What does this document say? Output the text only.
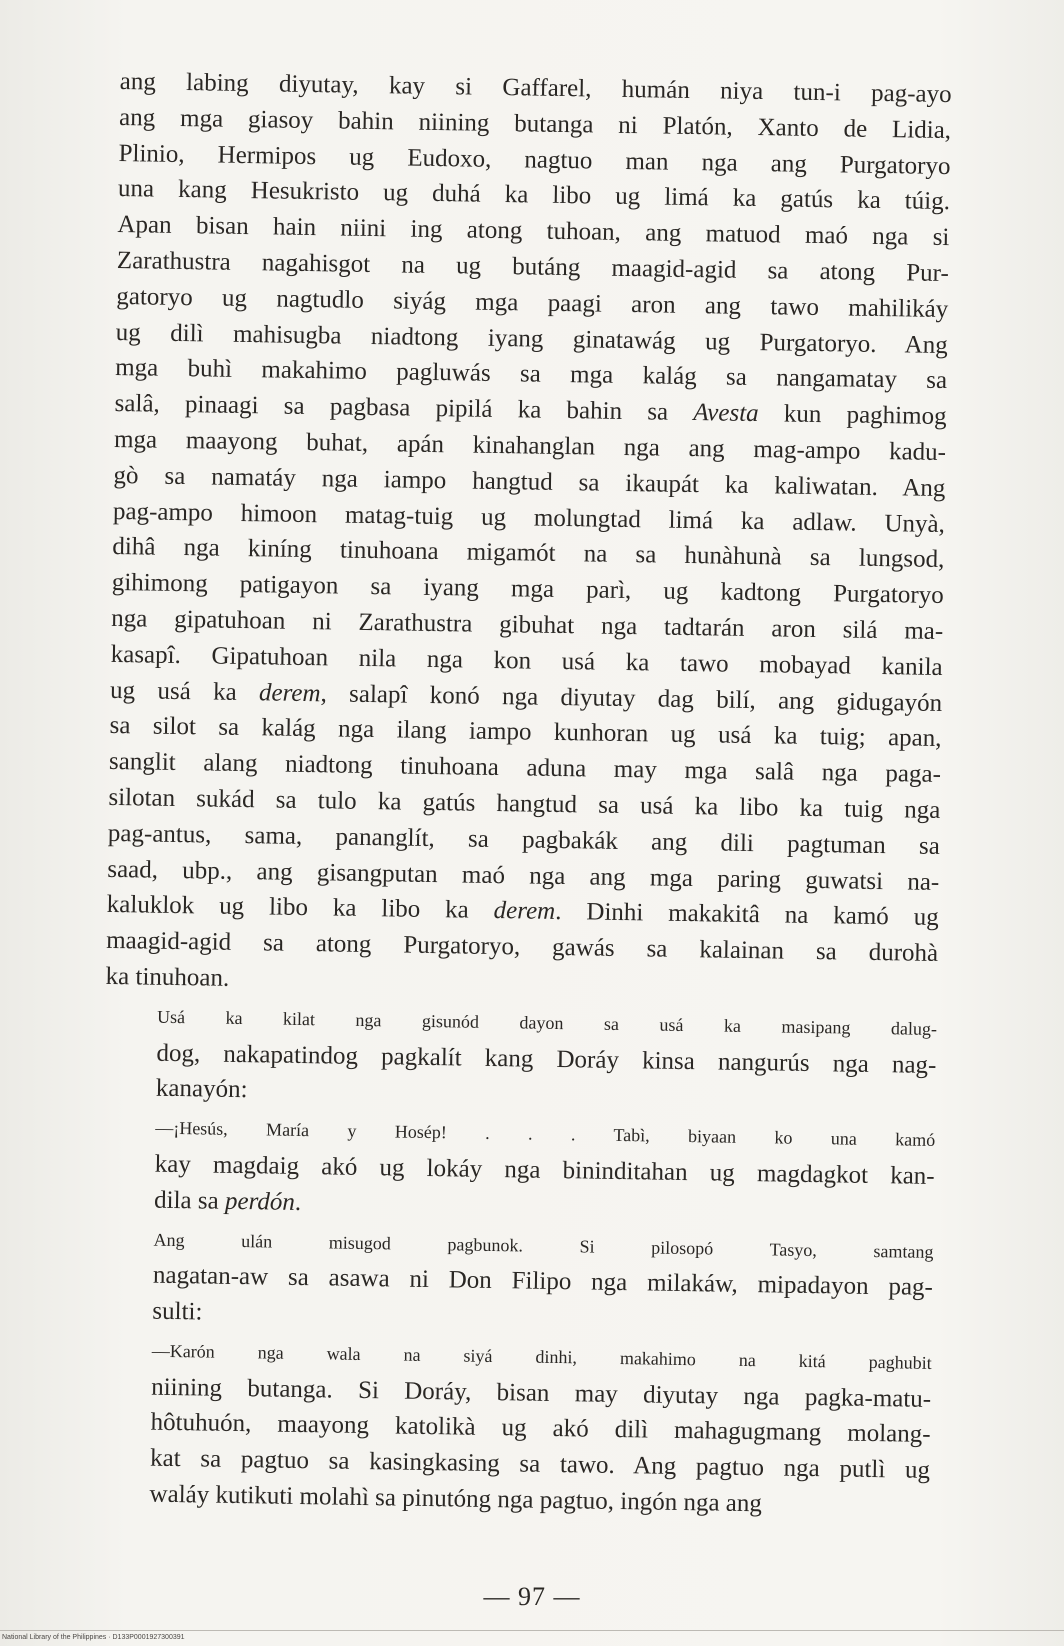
ang labing diyutay, kay si Gaffarel, humán niya tun-i pag-ayo
ang mga giasoy bahin niining butanga ni Platón, Xanto de Lidia,
Plinio, Hermipos ug Eudoxo, nagtuo man nga ang Purgatoryo
una kang Hesukristo ug duhá ka libo ug limá ka gatús ka túig.
Apan bisan hain niini ing atong tuhoan, ang matuod maó nga si
Zarathustra nagahisgot na ug butáng maagid-agid sa atong Pur-
gatoryo ug nagtudlo siyág mga paagi aron ang tawo mahilikáy
ug dilì mahisugba niadtong iyang ginatawág ug Purgatoryo. Ang
mga buhì makahimo pagluwás sa mga kalág sa nangamatay sa
salâ, pinaagi sa pagbasa pipilá ka bahin sa Avesta kun paghimog
mga maayong buhat, apán kinahanglan nga ang mag-ampo kadu-
gò sa namatáy nga iampo hangtud sa ikaupát ka kaliwatan. Ang
pag-ampo himoon matag-tuig ug molungtad limá ka adlaw. Unyà,
dihâ nga kiníng tinuhoana migamót na sa hunàhunà sa lungsod,
gihimong patigayon sa iyang mga parì, ug kadtong Purgatoryo
nga gipatuhoan ni Zarathustra gibuhat nga tadtarán aron silá ma-
kasapî. Gipatuhoan nila nga kon usá ka tawo mobayad kanila
ug usá ka derem, salapî konó nga diyutay dag bilí, ang gidugayón
sa silot sa kalág nga ilang iampo kunhoran ug usá ka tuig; apan,
sanglit alang niadtong tinuhoana aduna may mga salâ nga paga-
silotan sukád sa tulo ka gatús hangtud sa usá ka libo ka tuig nga
pag-antus, sama, pananglít, sa pagbakák ang dili pagtuman sa
saad, ubp., ang gisangputan maó nga ang mga paring guwatsi na-
kaluklok ug libo ka libo ka derem. Dinhi makakitâ na kamó ug
maagid-agid sa atong Purgatoryo, gawás sa kalainan sa durohà
ka tinuhoan.

Usá ka kilat nga gisunód dayon sa usá ka masipang dalug-
dog, nakapatindog pagkalít kang Doráy kinsa nangurús nga nag-
kanayón:

—¡Hesús, María y Hosép! . . . Tabì, biyaan ko una kamó
kay magdaig akó ug lokáy nga bininditahan ug magdagkot kan-
dila sa perdón.

Ang ulán misugod pagbunok. Si pilosopó Tasyo, samtang
nagatan-aw sa asawa ni Don Filipo nga milakáw, mipadayon pag-
sulti:

—Karón nga wala na siyá dinhi, makahimo na kitá paghubit
niining butanga. Si Doráy, bisan may diyutay nga pagka-matu-
hôtuhuón, maayong katolikà ug akó dilì mahagugmang molang-
kat sa pagtuo sa kasingkasing sa tawo. Ang pagtuo nga putlì ug
waláy kutikuti molahì sa pinutóng nga pagtuo, ingón nga ang

— 97 —
National Library of the Philippines · D133P0001927300391
